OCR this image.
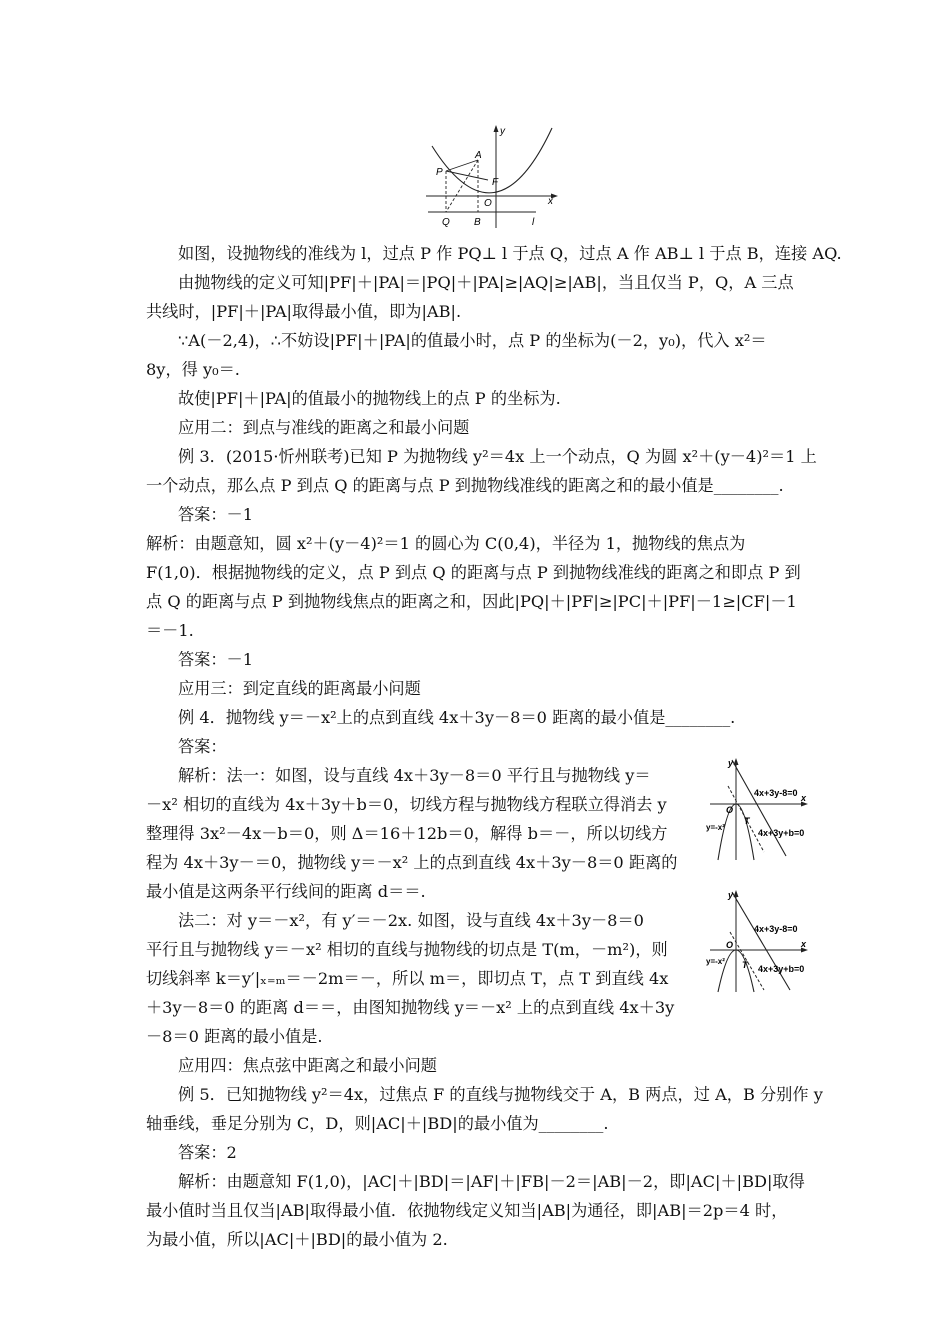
y
A
P
F
O	x
Q B	l
如图，设抛物线的准线为 l，过点 P 作 PQ⊥ l 于点 Q，过点 A 作 AB⊥ l 于点 B，连接 AQ.
由抛物线的定义可知|PF|＋|PA|＝|PQ|＋|PA|≥|AQ|≥|AB|，当且仅当 P，Q，A 三点
共线时，|PF|＋|PA|取得最小值，即为|AB|.
∵A(－2,4)，∴不妨设|PF|＋|PA|的值最小时，点 P 的坐标为(－2，y₀)，代入 x²＝
8y，得 y₀＝.
故使|PF|＋|PA|的值最小的抛物线上的点 P 的坐标为.
应用二：到点与准线的距离之和最小问题
例 3．(2015·忻州联考)已知 P 为抛物线 y²＝4x 上一个动点，Q 为圆 x²＋(y－4)²＝1 上
一个动点，那么点 P 到点 Q 的距离与点 P 到抛物线准线的距离之和的最小值是________.
答案：－1
解析：由题意知，圆 x²＋(y－4)²＝1 的圆心为 C(0,4)，半径为 1，抛物线的焦点为
F(1,0)．根据抛物线的定义，点 P 到点 Q 的距离与点 P 到抛物线准线的距离之和即点 P 到
点 Q 的距离与点 P 到抛物线焦点的距离之和，因此|PQ|＋|PF|≥|PC|＋|PF|－1≥|CF|－1
＝－1.
答案：－1
应用三：到定直线的距离最小问题
例 4．抛物线 y＝－x²上的点到直线 4x＋3y－8＝0 距离的最小值是________.
答案：
解析：法一：如图，设与直线 4x＋3y－8＝0 平行且与抛物线 y＝
－x² 相切的直线为 4x＋3y＋b＝0，切线方程与抛物线方程联立得消去 y
整理得 3x²－4x－b＝0，则 Δ＝16＋12b＝0，解得 b＝－，所以切线方
程为 4x＋3y－＝0，抛物线 y＝－x² 上的点到直线 4x＋3y－8＝0 距离的
最小值是这两条平行线间的距离 d＝＝.
法二：对 y＝－x²，有 y′＝－2x. 如图，设与直线 4x＋3y－8＝0
平行且与抛物线 y＝－x² 相切的直线与抛物线的切点是 T(m，－m²)，则
切线斜率 k＝y′|ₓ₌ₘ＝－2m＝－，所以 m＝，即切点 T，点 T 到直线 4x
＋3y－8＝0 的距离 d＝＝，由图知抛物线 y＝－x² 上的点到直线 4x＋3y
－8＝0 距离的最小值是.
y
x
O
T
4x+3y-8=0
4x+3y+b=0
y=-x²
y
x
O
T
4x+3y-8=0
4x+3y+b=0
y=-x²
应用四：焦点弦中距离之和最小问题
例 5．已知抛物线 y²＝4x，过焦点 F 的直线与抛物线交于 A，B 两点，过 A，B 分别作 y
轴垂线，垂足分别为 C，D，则|AC|＋|BD|的最小值为________.
答案：2
解析：由题意知 F(1,0)，|AC|＋|BD|＝|AF|＋|FB|－2＝|AB|－2，即|AC|＋|BD|取得
最小值时当且仅当|AB|取得最小值．依抛物线定义知当|AB|为通径，即|AB|＝2p＝4 时，
为最小值，所以|AC|＋|BD|的最小值为 2.
